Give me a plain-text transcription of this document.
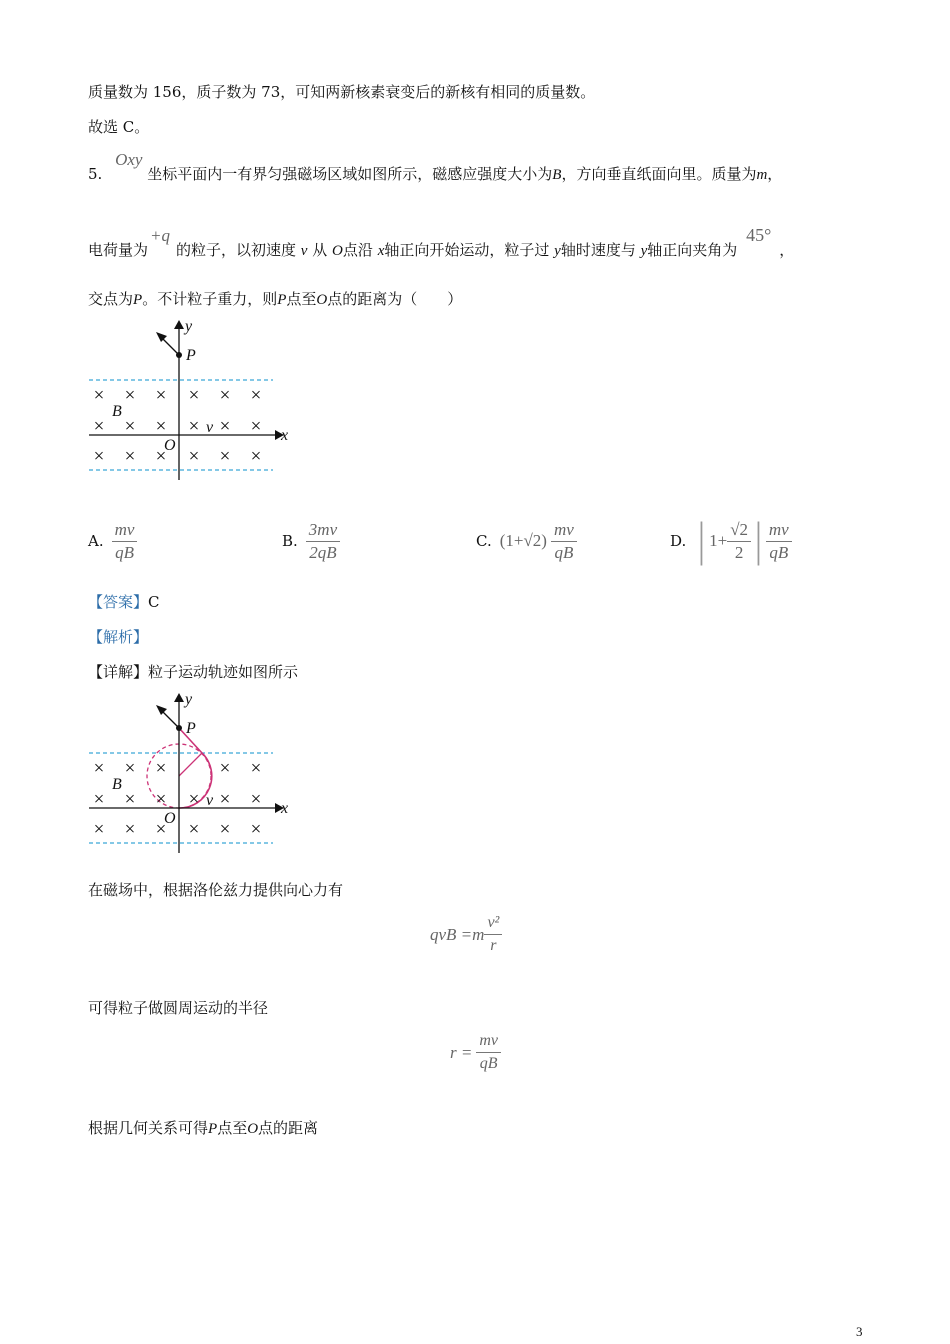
质量数为 156，质子数为 73，可知两新核素衰变后的新核有相同的质量数。
故选 C。
5. Oxy 坐标平面内一有界匀强磁场区域如图所示，磁感应强度大小为B，方向垂直纸面向里。质量为m，
电荷量为+q的粒子，以初速度 v 从 O点沿 x轴正向开始运动，粒子过 y轴时速度与 y轴正向夹角为 45°，
交点为P。不计粒子重力，则P点至O点的距离为（　　）
× × × × × ×
× × × × × ×
× × × × × ×
y
P
B
O
v	x
A. $\frac{mv}{qB}$	B. $\frac{3mv}{2qB}$	C. $(1+√2) \frac{mv}{qB}$	D. | $1+ \frac{√2}{2}$ | $\frac{mv}{qB}$
【答案】C
【解析】
【详解】粒子运动轨迹如图所示
× × ×	× ×
× × × × × ×
× × × × × ×
y
P
B
O
v	x
在磁场中，根据洛伦兹力提供向心力有
qvB $=m \frac{\text{v²}}{r}$
可得粒子做圆周运动的半径
$r = \frac{mv}{qB}$
根据几何关系可得P点至O点的距离
3
